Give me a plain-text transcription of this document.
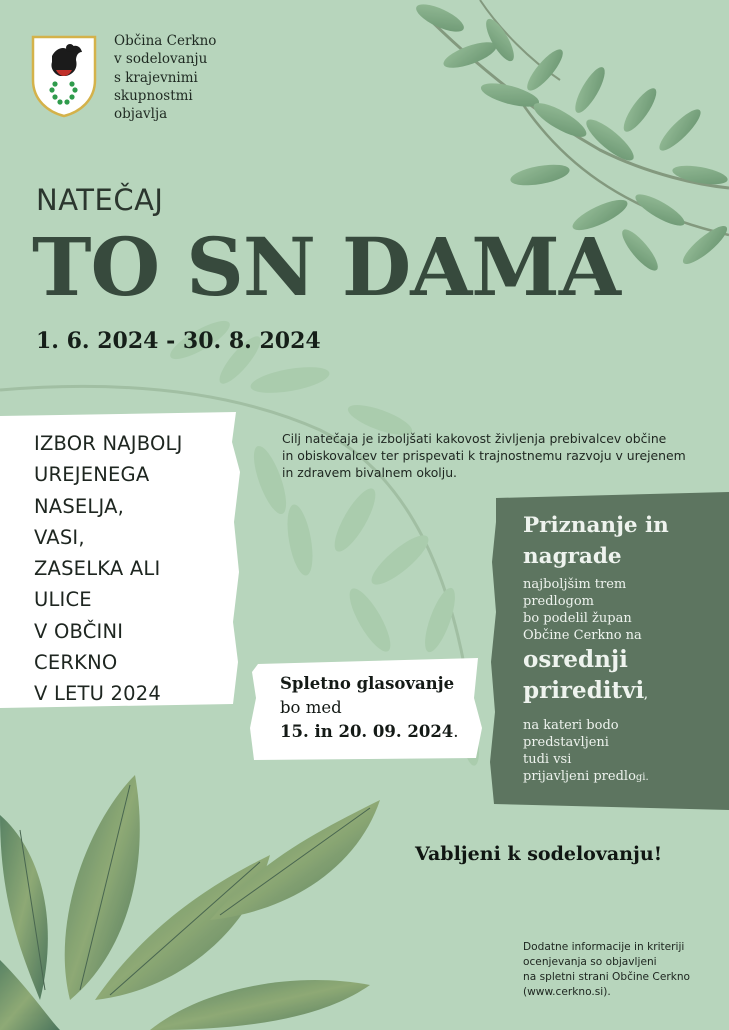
Občina Cerkno
v sodelovanju
s krajevnimi
skupnostmi
objavlja
NATEČAJ
TO SN DAMA
1. 6. 2024 - 30. 8. 2024
IZBOR NAJBOLJ
UREJENEGA
NASELJA,
VASI,
ZASELKA ALI
ULICE
V OBČINI
CERKNO
V LETU 2024
Cilj natečaja je izboljšati kakovost življenja prebivalcev občine
in obiskovalcev ter prispevati k trajnostnemu razvoju v urejenem
in zdravem bivalnem okolju.
Priznanje in
nagrade
najboljšim trem
predlogom
bo podelil župan
Občine Cerkno na
osrednji
prireditvi,
na kateri bodo
predstavljeni
tudi vsi
prijavljeni predlogi.
Spletno glasovanje
bo med
15. in 20. 09. 2024.
Vabljeni k sodelovanju!
Dodatne informacije in kriteriji
ocenjevanja so objavljeni
na spletni strani Občine Cerkno
(www.cerkno.si).
